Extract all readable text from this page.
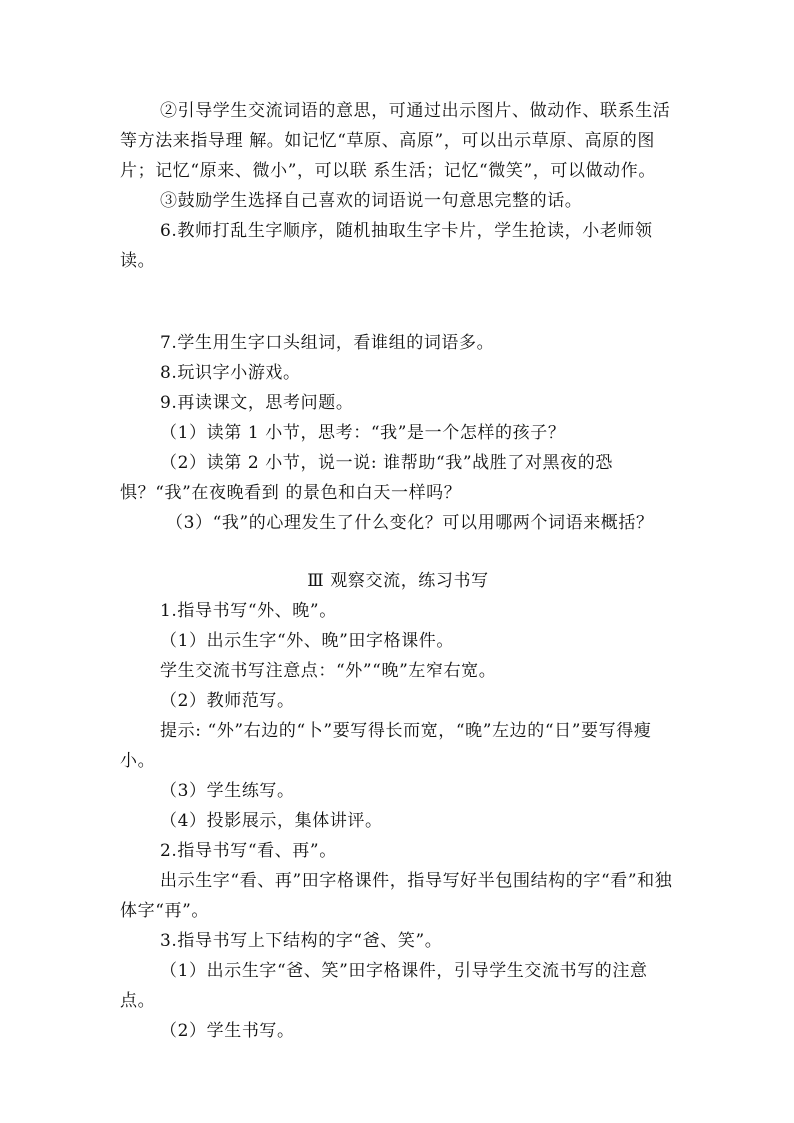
②引导学生交流词语的意思，可通过出示图片、做动作、联系生活等方法来指导理 解。如记忆“草原、高原”，可以出示草原、高原的图片；记忆“原来、微小”，可以联 系生活；记忆“微笑”，可以做动作。

③鼓励学生选择自己喜欢的词语说一句意思完整的话。

6.教师打乱生字顺序，随机抽取生字卡片，学生抢读，小老师领读。

7.学生用生字口头组词，看谁组的词语多。

8.玩识字小游戏。

9.再读课文，思考问题。

（1）读第 1 小节，思考：“我”是一个怎样的孩子？

（2）读第 2 小节，说一说: 谁帮助“我”战胜了对黑夜的恐惧？“我”在夜晚看到 的景色和白天一样吗？

（3）“我”的心理发生了什么变化？可以用哪两个词语来概括？

Ⅲ 观察交流，练习书写

1.指导书写“外、晚”。

（1）出示生字“外、晚”田字格课件。

学生交流书写注意点：“外”“晚”左窄右宽。

（2）教师范写。

提示: “外”右边的“卜”要写得长而宽，“晚”左边的“日”要写得瘦小。

（3）学生练写。

（4）投影展示，集体讲评。

2.指导书写“看、再”。

出示生字“看、再”田字格课件，指导写好半包围结构的字“看”和独体字“再”。

3.指导书写上下结构的字“爸、笑”。

（1）出示生字“爸、笑”田字格课件，引导学生交流书写的注意点。

（2）学生书写。
